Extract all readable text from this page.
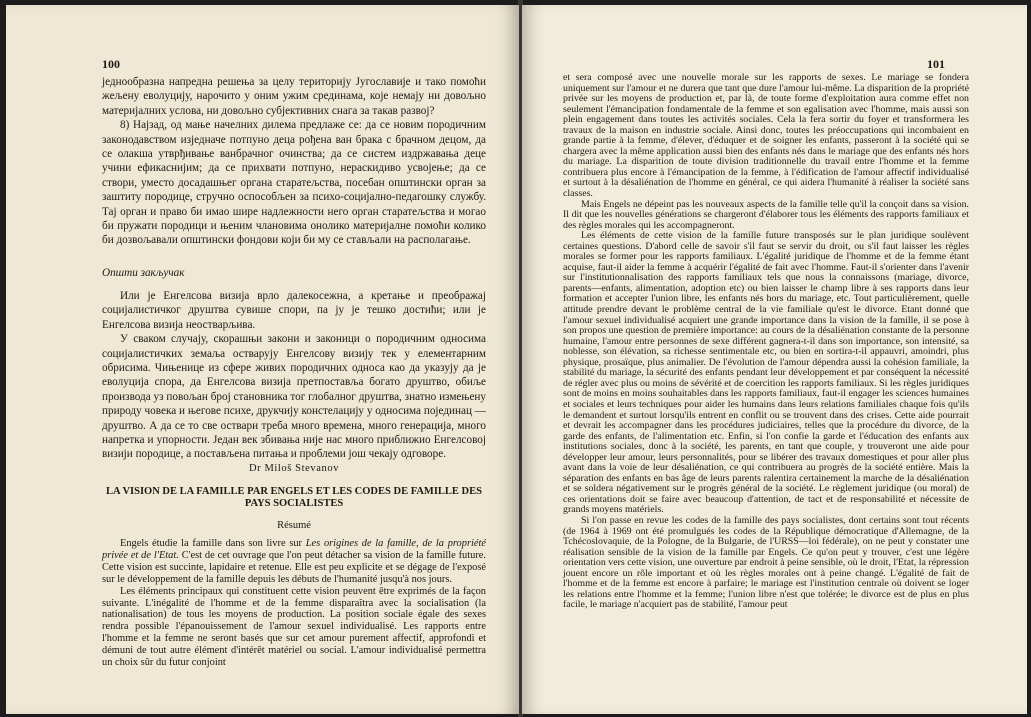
100

једнообразна напредна решења за целу територију Југославије и тако помоћи жељену еволуцију, нарочито у оним ужим срединама, које немају ни довољно материјалних услова, ни довољно субјективних снага за такав развој?

8) Најзад, од мање начелних дилема предлаже се: да се новим породичним законодавством изједначе потпуно деца рођена ван брака с брачном децом, да се олакша утврђивање ванбрачног очинства; да се систем издржавања деце учини ефикаснијим; да се прихвати потпуно, нераскидиво усвојење; да се створи, уместо досадашњег органа старатељства, посебан општински орган за заштиту породице, стручно оспособљен за психо-социјално-педагошку службу. Тај орган и право би имао шире надлежности него орган старатељства и могао би пружати породици и њеним члановима онолико материјалне помоћи колико би дозвољавали општински фондови који би му се стављали на располагање.

Општи закључак

Или је Енгелсова визија врло далекосежна, а кретање и преображај социјалистичког друштва сувише спори, па ју је тешко достићи; или је Енгелсова визија неостварљива.

У сваком случају, скорашњи закони и законици о породичним односима социјалистичких земаља остварују Енгелсову визију тек у елементарним обрисима. Чињенице из сфере живих породичних односа као да указују да је еволуција спора, да Енгелсова визија претпоставља богато друштво, обиље производа уз повољан број становника тог глобалног друштва, знатно измењену природу човека и његове психе, друкчију констелацију у односима појединац — друштво. А да се то све оствари треба много времена, много генерација, много напретка и упорности. Један век збивања није нас много приближио Енгелсовој визији породице, а постављена питања и проблеми још чекају одговоре.

Dr Miloš Stevanov
LA VISION DE LA FAMILLE PAR ENGELS ET LES CODES DE FAMILLE DES PAYS SOCIALISTES
Résumé

Engels étudie la famille dans son livre sur Les origines de la famille, de la propriété privée et de l'Etat. C'est de cet ouvrage que l'on peut détacher sa vision de la famille future. Cette vision est succinte, lapidaire et retenue. Elle est peu explicite et se dégage de l'exposé sur le développement de la famille depuis les débuts de l'humanité jusqu'à nos jours.

Les éléments principaux qui constituent cette vision peuvent être exprimés de la façon suivante. L'inégalité de l'homme et de la femme disparaîtra avec la socialisation (la nationalisation) de tous les moyens de production. La position sociale égale des sexes rendra possible l'épanouissement de l'amour sexuel individualisé. Les rapports entre l'homme et la femme ne seront basés que sur cet amour purement affectif, approfondi et démuni de tout autre élément d'intérêt matériel ou social. L'amour individualisé permettra un choix sûr du futur conjoint

101

et sera composé avec une nouvelle morale sur les rapports de sexes. Le mariage se fondera uniquement sur l'amour et ne durera que tant que dure l'amour lui-même. La disparition de la propriété privée sur les moyens de production et, par là, de toute forme d'exploitation aura comme effet non seulement l'émancipation fondamentale de la femme et son egalisation avec l'homme, mais aussi son plein engagement dans toutes les activités sociales. Cela la fera sortir du foyer et transformera les travaux de la maison en industrie sociale. Ainsi donc, toutes les préoccupations qui incombaient en grande partie à la femme, d'élever, d'éduquer et de soigner les enfants, passeront à la société qui se chargera avec la même application aussi bien des enfants nés dans le mariage que des enfants nés hors du mariage. La disparition de toute division traditionnelle du travail entre l'homme et la femme contribuera plus encore à l'émancipation de la femme, à l'édification de l'amour affectif individualisé et surtout à la désaliénation de l'homme en général, ce qui aidera l'humanité à réaliser la société sans classes.

Mais Engels ne dépeint pas les nouveaux aspects de la famille telle qu'il la conçoit dans sa vision. Il dit que les nouvelles générations se chargeront d'élaborer tous les éléments des rapports familiaux et des règles morales qui les accompagneront.

Les éléments de cette vision de la famille future transposés sur le plan juridique soulèvent certaines questions. D'abord celle de savoir s'il faut se servir du droit, ou s'il faut laisser les règles morales se former pour les rapports familiaux. L'égalité juridique de l'homme et de la femme étant acquise, faut-il aider la femme à acquérir l'égalité de fait avec l'homme. Faut-il s'orienter dans l'avenir sur l'institutionnalisation des rapports familiaux tels que nous la connaissons (mariage, divorce, parents—enfants, alimentation, adoption etc) ou bien laisser le champ libre à ses rapports dans leur formation et accepter l'union libre, les enfants nés hors du mariage, etc. Tout particulièrement, quelle attitude prendre devant le problème central de la vie familiale qu'est le divorce. Etant donné que l'amour sexuel individualisé acquiert une grande importance dans la vision de la famille, il se pose à son propos une question de première importance: au cours de la désaliénation constante de la personne humaine, l'amour entre personnes de sexe différent gagnera-t-il dans son importance, son intensité, sa noblesse, son élévation, sa richesse sentimentale etc, ou bien en sortira-t-il appauvri, amoindri, plus physique, prosaïque, plus animalier. De l'évolution de l'amour dépendra aussi la cohésion familiale, la stabilité du mariage, la sécurité des enfants pendant leur développement et par conséquent la nécessité de régler avec plus ou moins de sévérité et de coercition les rapports familiaux. Si les règles juridiques sont de moins en moins souhaitables dans les rapports familiaux, faut-il engager les sciences humaines et sociales et leurs techniques pour aider les humains dans leurs relations familiales chaque fois qu'ils le demandent et surtout lorsqu'ils entrent en conflit ou se trouvent dans des crises. Cette aide pourrait et devrait les accompagner dans les procédures judiciaires, telles que la procédure du divorce, de la garde des enfants, de l'alimentation etc. Enfin, si l'on confie la garde et l'éducation des enfants aux institutions sociales, donc à la société, les parents, en tant que couple, y trouveront une aide pour développer leur amour, leurs personnalités, pour se libérer des travaux domestiques et pour aller plus avant dans la voie de leur désaliénation, ce qui contribuera au progrès de la société entière. Mais la séparation des enfants en bas âge de leurs parents ralentira certainement la marche de la désaliénation et se soldera négativement sur le progrès général de la société. Le règlement juridique (ou moral) de ces orientations doit se faire avec beaucoup d'attention, de tact et de responsabilité et nécessite de grands moyens matériels.

Si l'on passe en revue les codes de la famille des pays socialistes, dont certains sont tout récents (de 1964 à 1969 ont été promulgués les codes de la République démocratique d'Allemagne, de la Tchécoslovaquie, de la Pologne, de la Bulgarie, de l'URSS—loi fédérale), on ne peut y constater une réalisation sensible de la vision de la famille par Engels. Ce qu'on peut y trouver, c'est une légère orientation vers cette vision, une ouverture par endroit à peine sensible, où le droit, l'Etat, la répression jouent encore un rôle important et où les règles morales ont à peine changé. L'égalité de fait de l'homme et de la femme est encore à parfaire; le mariage est l'institution centrale où doivent se loger les relations entre l'homme et la femme; l'union libre n'est que tolérée; le divorce est de plus en plus facile, le mariage n'acquiert pas de stabilité, l'amour peut
